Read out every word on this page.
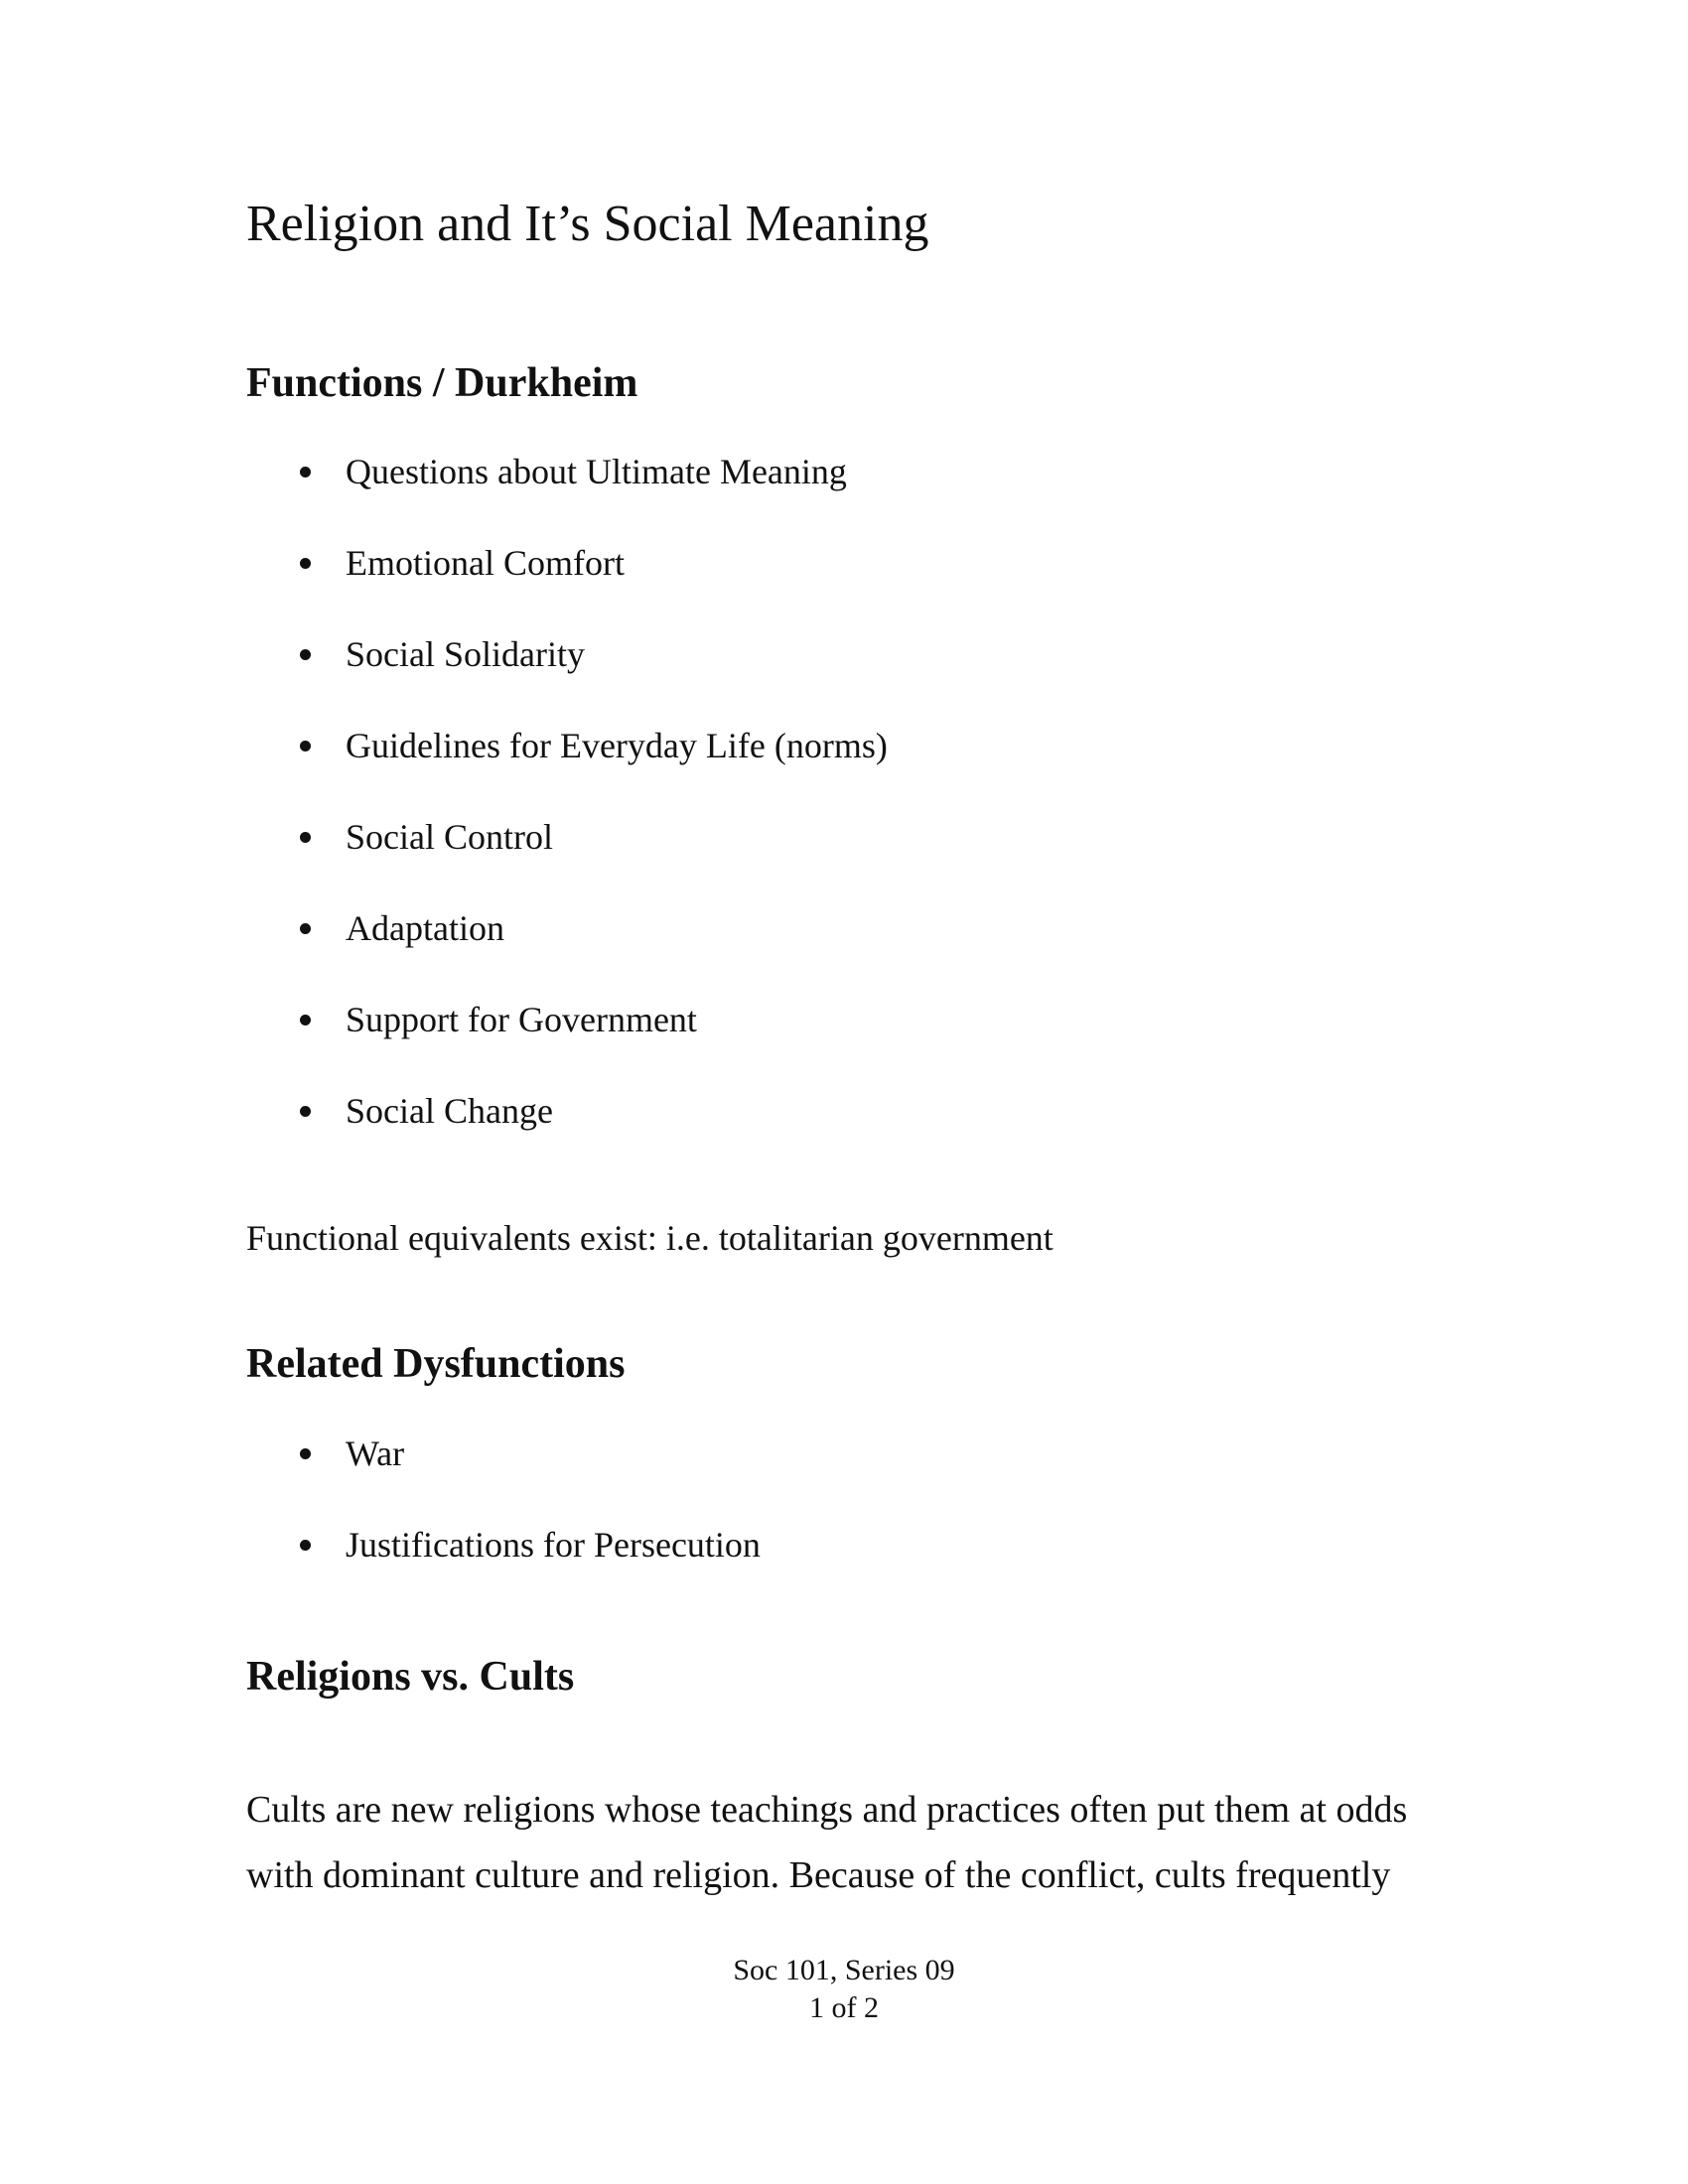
Religion and It’s Social Meaning
Functions / Durkheim
Questions about Ultimate Meaning
Emotional Comfort
Social Solidarity
Guidelines for Everyday Life (norms)
Social Control
Adaptation
Support for Government
Social Change

Functional equivalents exist: i.e. totalitarian government

Related Dysfunctions
War
Justifications for Persecution
Religions vs. Cults
Cults are new religions whose teachings and practices often put them at odds
with dominant culture and religion. Because of the conflict, cults frequently
Soc 101, Series 09
1 of 2
